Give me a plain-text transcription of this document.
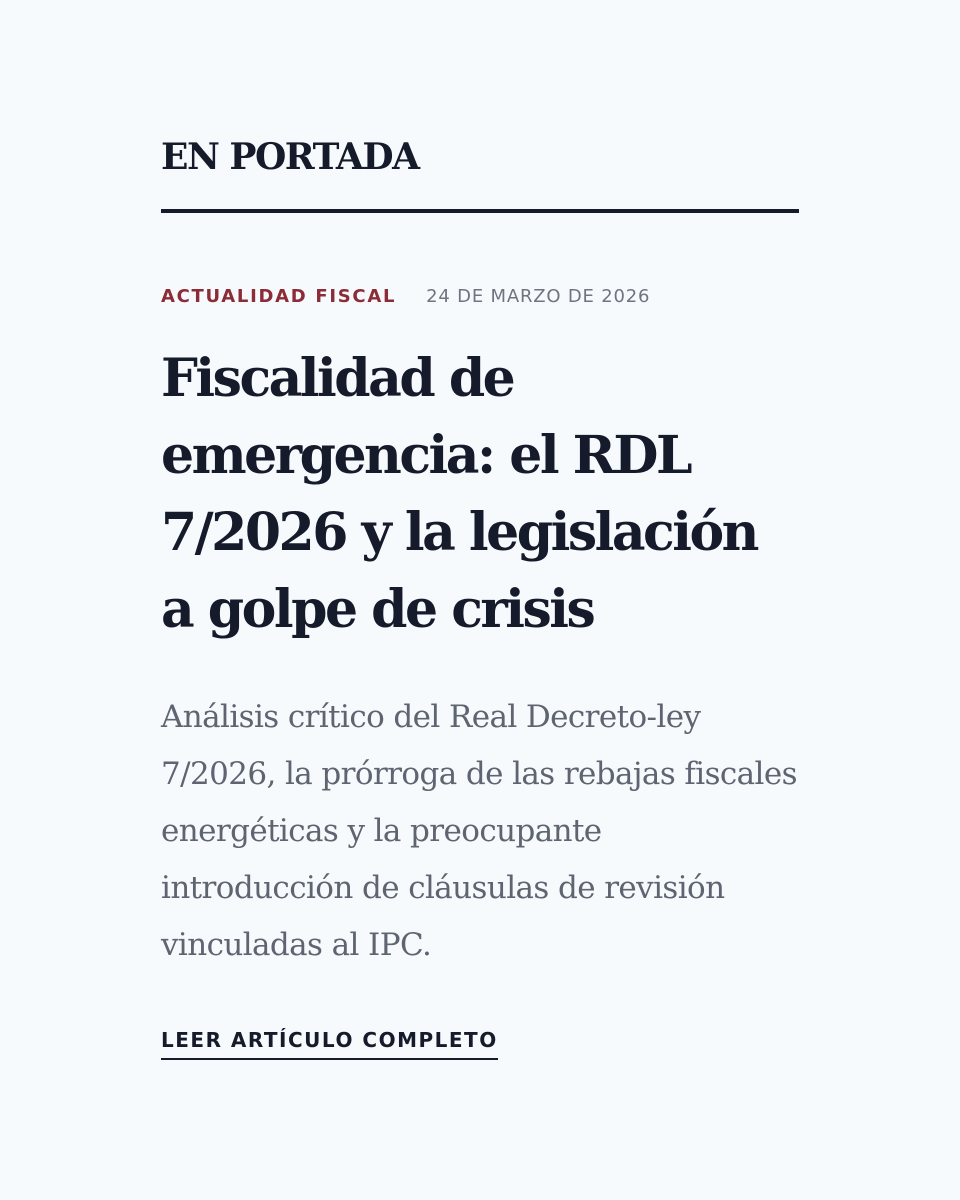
EN PORTADA
ACTUALIDAD FISCAL 24 DE MARZO DE 2026
Fiscalidad de emergencia: el RDL 7/2026 y la legislación a golpe de crisis

Análisis crítico del Real Decreto-ley 7/2026, la prórroga de las rebajas fiscales energéticas y la preocupante introducción de cláusulas de revisión vinculadas al IPC.

LEER ARTÍCULO COMPLETO
